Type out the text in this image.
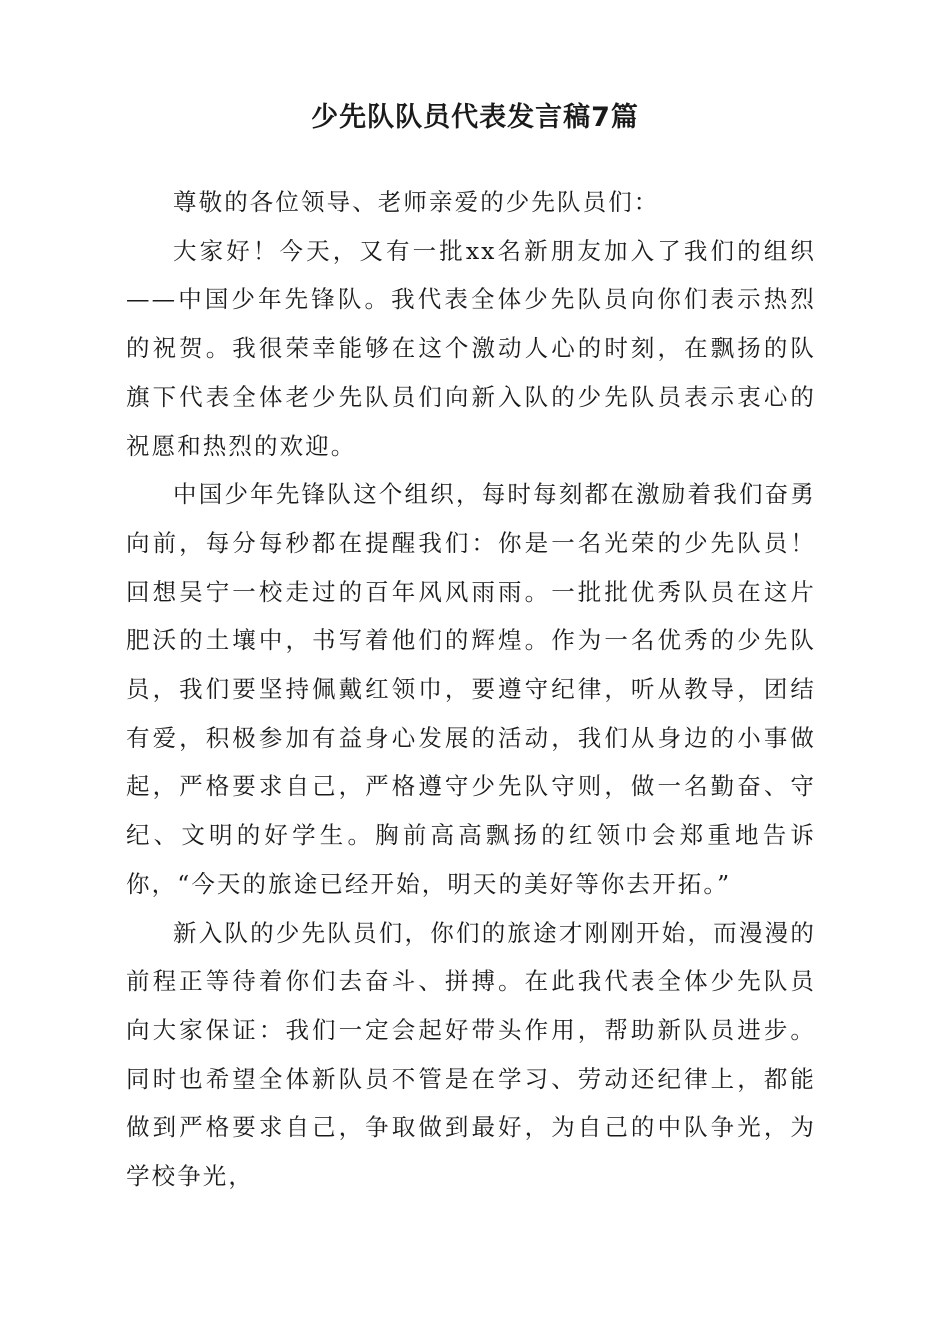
少先队队员代表发言稿7篇

尊敬的各位领导、老师亲爱的少先队员们：

大家好！今天，又有一批xx名新朋友加入了我们的组织——中国少年先锋队。我代表全体少先队员向你们表示热烈的祝贺。我很荣幸能够在这个激动人心的时刻，在飘扬的队旗下代表全体老少先队员们向新入队的少先队员表示衷心的祝愿和热烈的欢迎。

中国少年先锋队这个组织，每时每刻都在激励着我们奋勇向前，每分每秒都在提醒我们：你是一名光荣的少先队员！回想吴宁一校走过的百年风风雨雨。一批批优秀队员在这片肥沃的土壤中，书写着他们的辉煌。作为一名优秀的少先队员，我们要坚持佩戴红领巾，要遵守纪律，听从教导，团结有爱，积极参加有益身心发展的活动，我们从身边的小事做起，严格要求自己，严格遵守少先队守则，做一名勤奋、守纪、文明的好学生。胸前高高飘扬的红领巾会郑重地告诉你，“今天的旅途已经开始，明天的美好等你去开拓。”

新入队的少先队员们，你们的旅途才刚刚开始，而漫漫的前程正等待着你们去奋斗、拼搏。在此我代表全体少先队员向大家保证：我们一定会起好带头作用，帮助新队员进步。同时也希望全体新队员不管是在学习、劳动还纪律上，都能做到严格要求自己，争取做到最好，为自己的中队争光，为学校争光，
